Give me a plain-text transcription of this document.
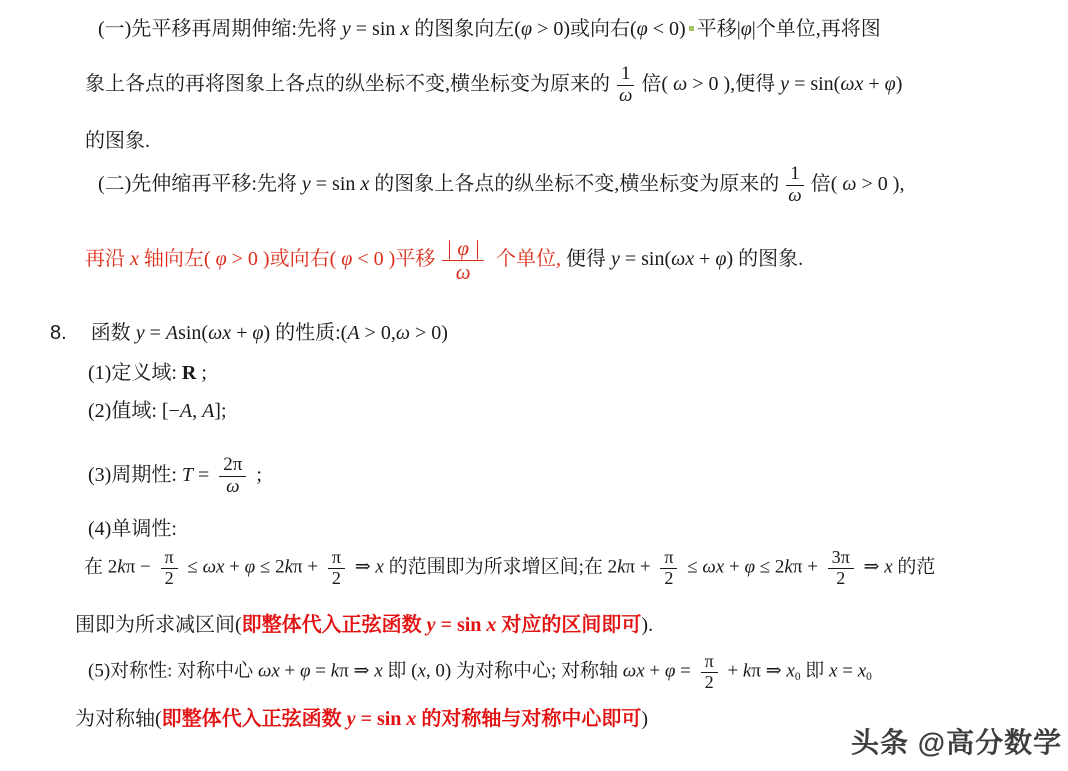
(一)先平移再周期伸缩:先将 y = sin x 的图象向左(φ > 0)或向右(φ < 0) 平移|φ|个单位,再将图
象上各点的再将图象上各点的纵坐标不变,横坐标变为原来的 $\frac{1}{\omega}$ 倍( ω > 0 ),便得 y = sin(ωx + φ)
的图象.
(二)先伸缩再平移:先将 y = sin x 的图象上各点的纵坐标不变,横坐标变为原来的 $\frac{1}{\omega}$ 倍( ω > 0 ),
再沿 x 轴向左( φ > 0 )或向右( φ < 0 )平移 $\frac{| \varphi |}{\omega}$ 个单位, 便得 y = sin(ωx + φ) 的图象.
8. 函数 y = Asin(ωx + φ) 的性质:(A > 0,ω > 0)
(1)定义域: R ;
(2)值域: [−A, A];
(3)周期性: $T = \frac{2\pi}{\omega}$ ;
(4)单调性:
在 $2k\pi - \frac{\pi}{2} \le \omega x + \varphi \le 2k\pi + \frac{\pi}{2}$ ⇒ x 的范围即为所求增区间;在 $2k\pi + \frac{\pi}{2} \le \omega x + \varphi \le 2k\pi + \frac{3\pi}{2}$ ⇒ x 的范
围即为所求减区间(即整体代入正弦函数 y = sin x 对应的区间即可).
(5)对称性: 对称中心 ωx + φ = kπ ⇒ x 即 (x, 0) 为对称中心; 对称轴 $\omega x + \varphi = \frac{\pi}{2} + k\pi$ ⇒ $x_0$ 即 $x = x_0$
为对称轴(即整体代入正弦函数 y = sin x 的对称轴与对称中心即可)
头条 @高分数学
